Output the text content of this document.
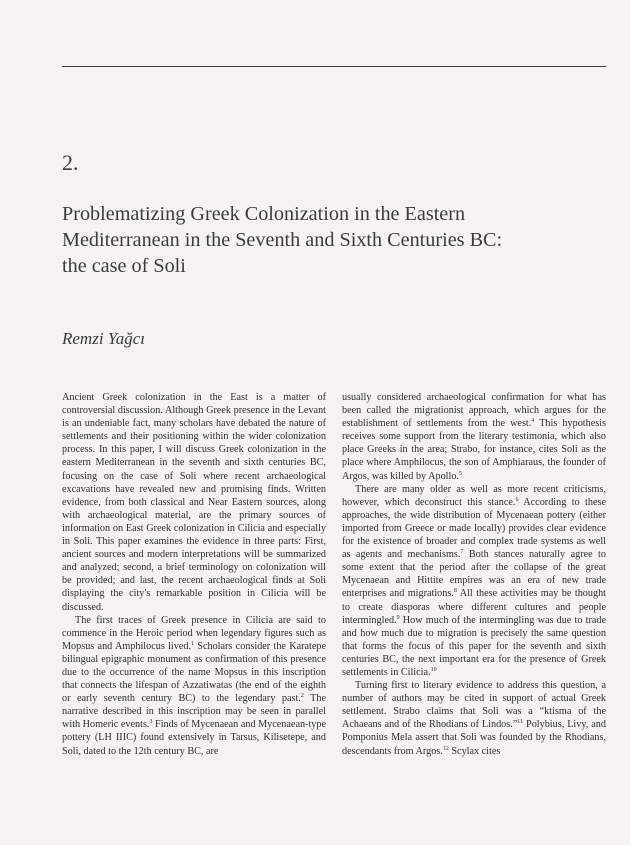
2.
Problematizing Greek Colonization in the Eastern
Mediterranean in the Seventh and Sixth Centuries BC:
the case of Soli
Remzi Yağcı

Ancient Greek colonization in the East is a matter of controversial discussion. Although Greek presence in the Levant is an undeniable fact, many scholars have debated the nature of settlements and their positioning within the wider colonization process. In this paper, I will discuss Greek colonization in the eastern Mediterranean in the seventh and sixth centuries BC, focusing on the case of Soli where recent archaeological excavations have revealed new and promising finds. Written evidence, from both classical and Near Eastern sources, along with archaeological material, are the primary sources of information on East Greek colonization in Cilicia and especially in Soli. This paper examines the evidence in three parts: First, ancient sources and modern interpretations will be summarized and analyzed; second, a brief terminology on colonization will be provided; and last, the recent archaeological finds at Soli displaying the city's remarkable position in Cilicia will be discussed.

The first traces of Greek presence in Cilicia are said to commence in the Heroic period when legendary figures such as Mopsus and Amphilocus lived.$^1$ Scholars consider the Karatepe bilingual epigraphic monument as confirmation of this presence due to the occurrence of the name Mopsus in this inscription that connects the lifespan of Azzatiwatas (the end of the eighth or early seventh century BC) to the legendary past.$^2$ The narrative described in this inscription may be seen in parallel with Homeric events.$^3$ Finds of Mycenaean and Mycenaean-type pottery (LH IIIC) found extensively in Tarsus, Kilisetepe, and Soli, dated to the 12th century BC, are

usually considered archaeological confirmation for what has been called the migrationist approach, which argues for the establishment of settlements from the west.$^4$ This hypothesis receives some support from the literary testimonia, which also place Greeks in the area; Strabo, for instance, cites Soli as the place where Amphilocus, the son of Amphiaraus, the founder of Argos, was killed by Apollo.$^5$

There are many older as well as more recent criticisms, however, which deconstruct this stance.$^6$ According to these approaches, the wide distribution of Mycenaean pottery (either imported from Greece or made locally) provides clear evidence for the existence of broader and complex trade systems as well as agents and mechanisms.$^7$ Both stances naturally agree to some extent that the period after the collapse of the great Mycenaean and Hittite empires was an era of new trade enterprises and migrations.$^8$ All these activities may be thought to create diasporas where different cultures and people intermingled.$^9$ How much of the intermingling was due to trade and how much due to migration is precisely the same question that forms the focus of this paper for the seventh and sixth centuries BC, the next important era for the presence of Greek settlements in Cilicia.$^{10}$

Turning first to literary evidence to address this question, a number of authors may be cited in support of actual Greek settlement. Strabo claims that Soli was a “ktisma of the Achaeans and of the Rhodians of Lindos.”$^{11}$ Polybius, Livy, and Pomponius Mela assert that Soli was founded by the Rhodians, descendants from Argos.$^{12}$ Scylax cites
